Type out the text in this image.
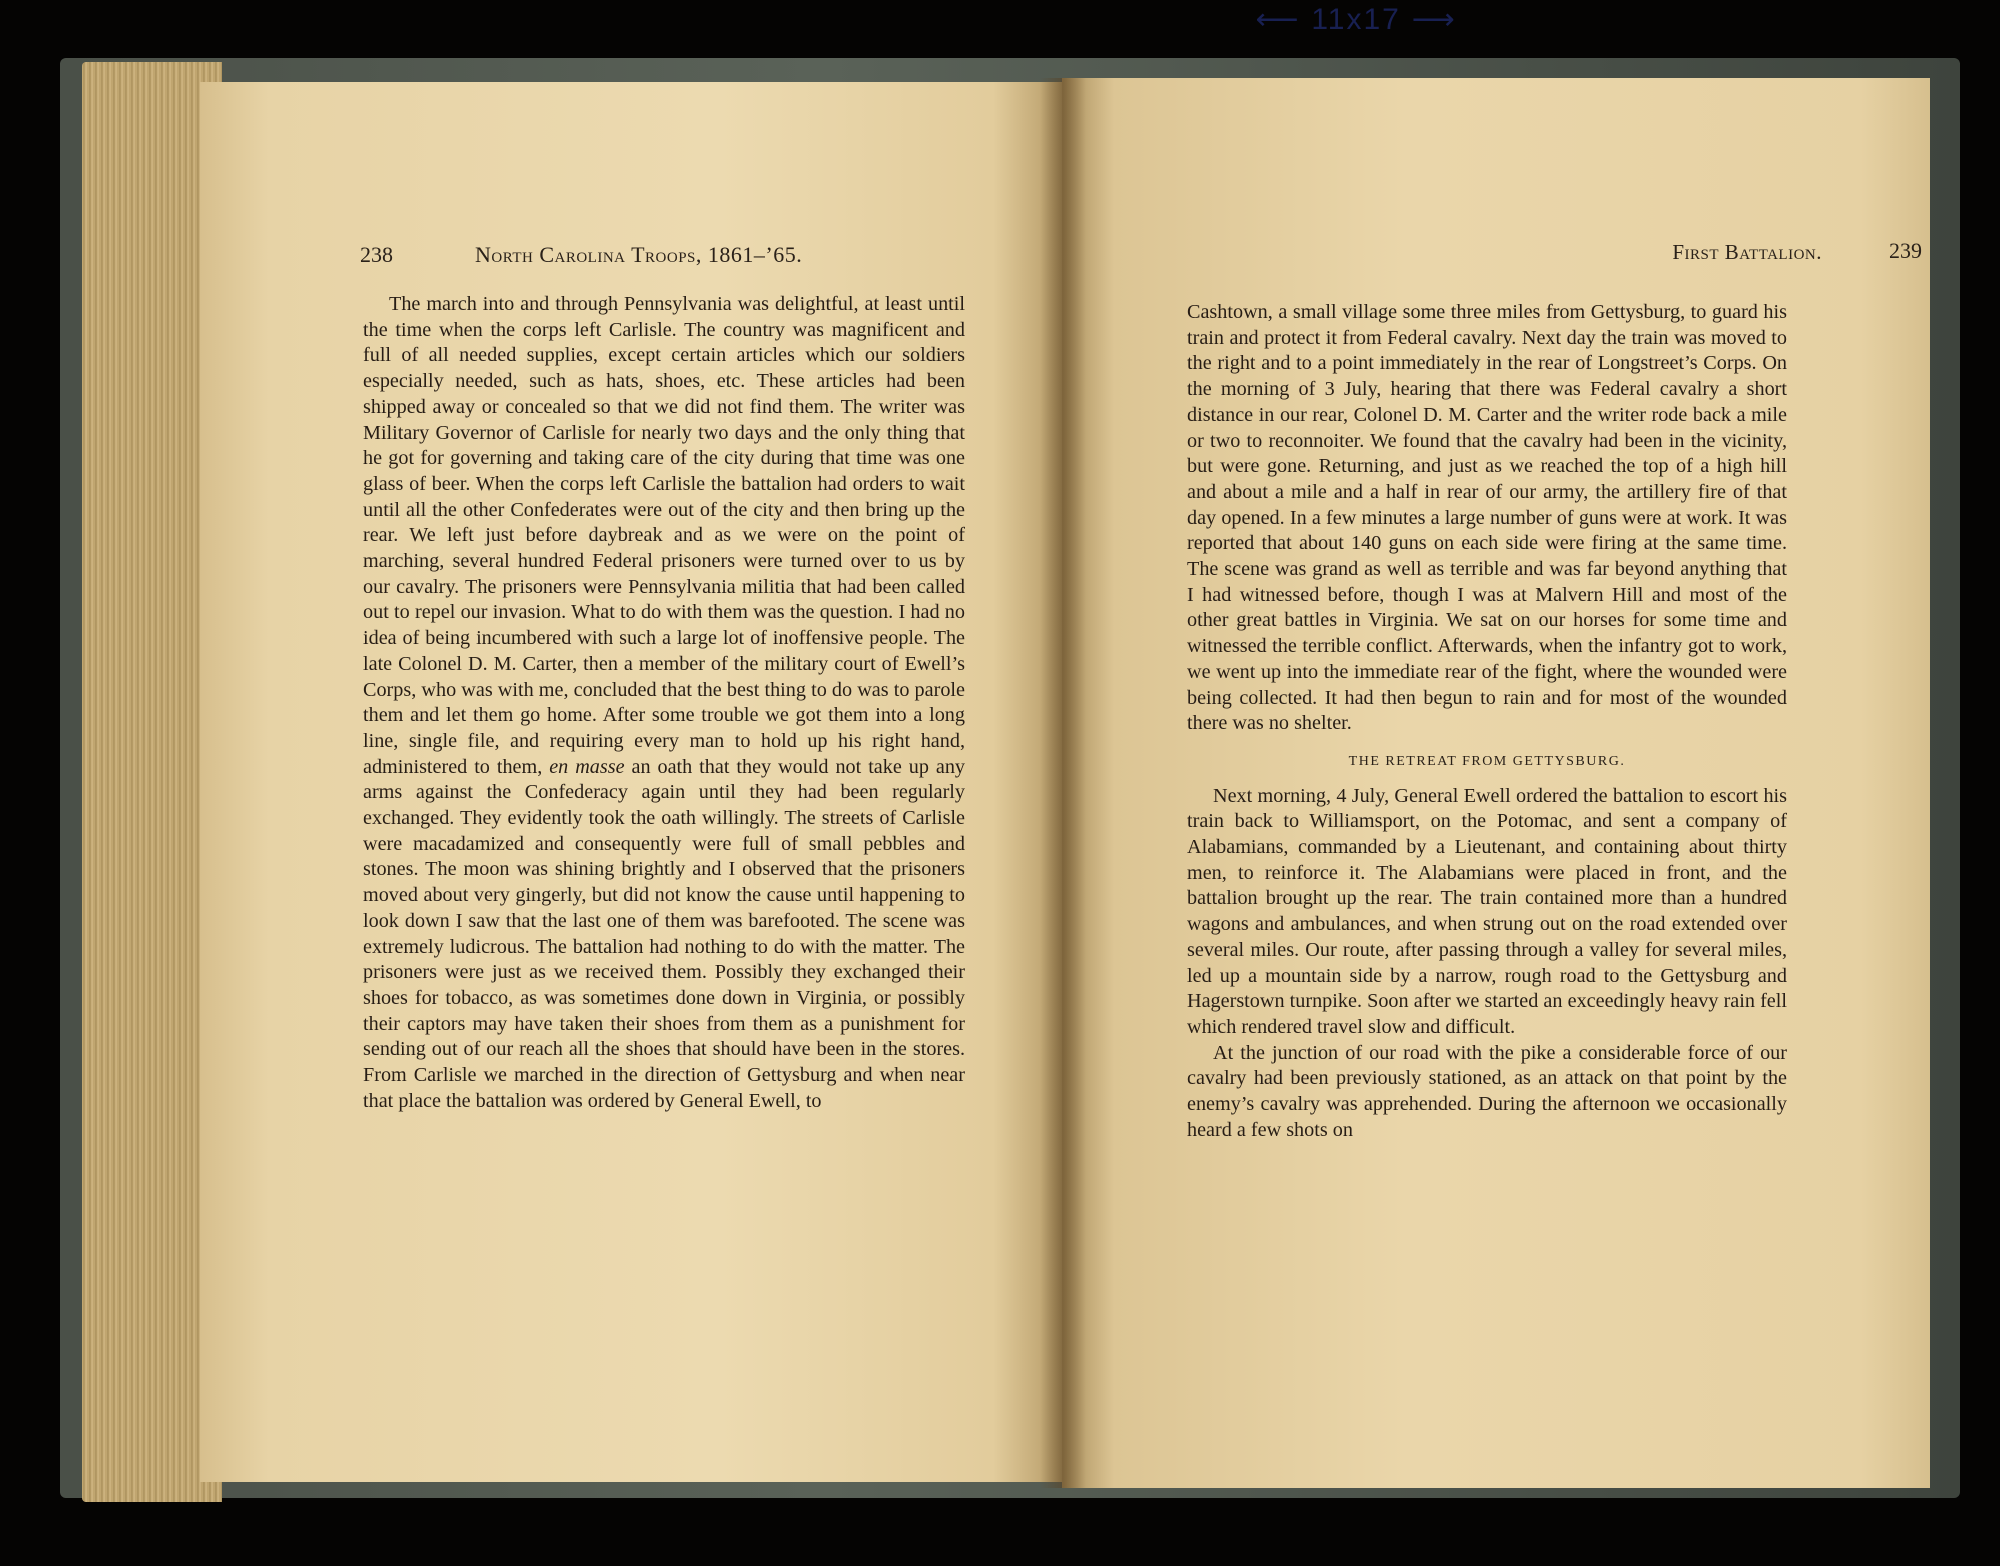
⟵ 11x17 ⟶
238	North Carolina Troops, 1861–’65.

The march into and through Pennsylvania was delightful, at least until the time when the corps left Carlisle. The country was magnificent and full of all needed supplies, except certain articles which our soldiers especially needed, such as hats, shoes, etc. These articles had been shipped away or concealed so that we did not find them. The writer was Military Governor of Carlisle for nearly two days and the only thing that he got for governing and taking care of the city during that time was one glass of beer. When the corps left Carlisle the battalion had orders to wait until all the other Confederates were out of the city and then bring up the rear. We left just before daybreak and as we were on the point of marching, several hundred Federal prisoners were turned over to us by our cavalry. The prisoners were Pennsylvania militia that had been called out to repel our invasion. What to do with them was the question. I had no idea of being incumbered with such a large lot of inoffensive people. The late Colonel D. M. Carter, then a member of the military court of Ewell’s Corps, who was with me, concluded that the best thing to do was to parole them and let them go home. After some trouble we got them into a long line, single file, and requiring every man to hold up his right hand, administered to them, en masse an oath that they would not take up any arms against the Confederacy again until they had been regularly exchanged. They evidently took the oath willingly. The streets of Carlisle were macadamized and consequently were full of small pebbles and stones. The moon was shining brightly and I observed that the prisoners moved about very gingerly, but did not know the cause until happening to look down I saw that the last one of them was barefooted. The scene was extremely ludicrous. The battalion had nothing to do with the matter. The prisoners were just as we received them. Possibly they exchanged their shoes for tobacco, as was sometimes done down in Virginia, or possibly their captors may have taken their shoes from them as a punishment for sending out of our reach all the shoes that should have been in the stores. From Carlisle we marched in the direction of Gettysburg and when near that place the battalion was ordered by General Ewell, to

First Battalion.	239

Cashtown, a small village some three miles from Gettysburg, to guard his train and protect it from Federal cavalry. Next day the train was moved to the right and to a point immediately in the rear of Longstreet’s Corps. On the morning of 3 July, hearing that there was Federal cavalry a short distance in our rear, Colonel D. M. Carter and the writer rode back a mile or two to reconnoiter. We found that the cavalry had been in the vicinity, but were gone. Returning, and just as we reached the top of a high hill and about a mile and a half in rear of our army, the artillery fire of that day opened. In a few minutes a large number of guns were at work. It was reported that about 140 guns on each side were firing at the same time. The scene was grand as well as terrible and was far beyond anything that I had witnessed before, though I was at Malvern Hill and most of the other great battles in Virginia. We sat on our horses for some time and witnessed the terrible conflict. Afterwards, when the infantry got to work, we went up into the immediate rear of the fight, where the wounded were being collected. It had then begun to rain and for most of the wounded there was no shelter.

THE RETREAT FROM GETTYSBURG.

Next morning, 4 July, General Ewell ordered the battalion to escort his train back to Williamsport, on the Potomac, and sent a company of Alabamians, commanded by a Lieutenant, and containing about thirty men, to reinforce it. The Alabamians were placed in front, and the battalion brought up the rear. The train contained more than a hundred wagons and ambulances, and when strung out on the road extended over several miles. Our route, after passing through a valley for several miles, led up a mountain side by a narrow, rough road to the Gettysburg and Hagerstown turnpike. Soon after we started an exceedingly heavy rain fell which rendered travel slow and difficult.

At the junction of our road with the pike a considerable force of our cavalry had been previously stationed, as an attack on that point by the enemy’s cavalry was apprehended. During the afternoon we occasionally heard a few shots on
